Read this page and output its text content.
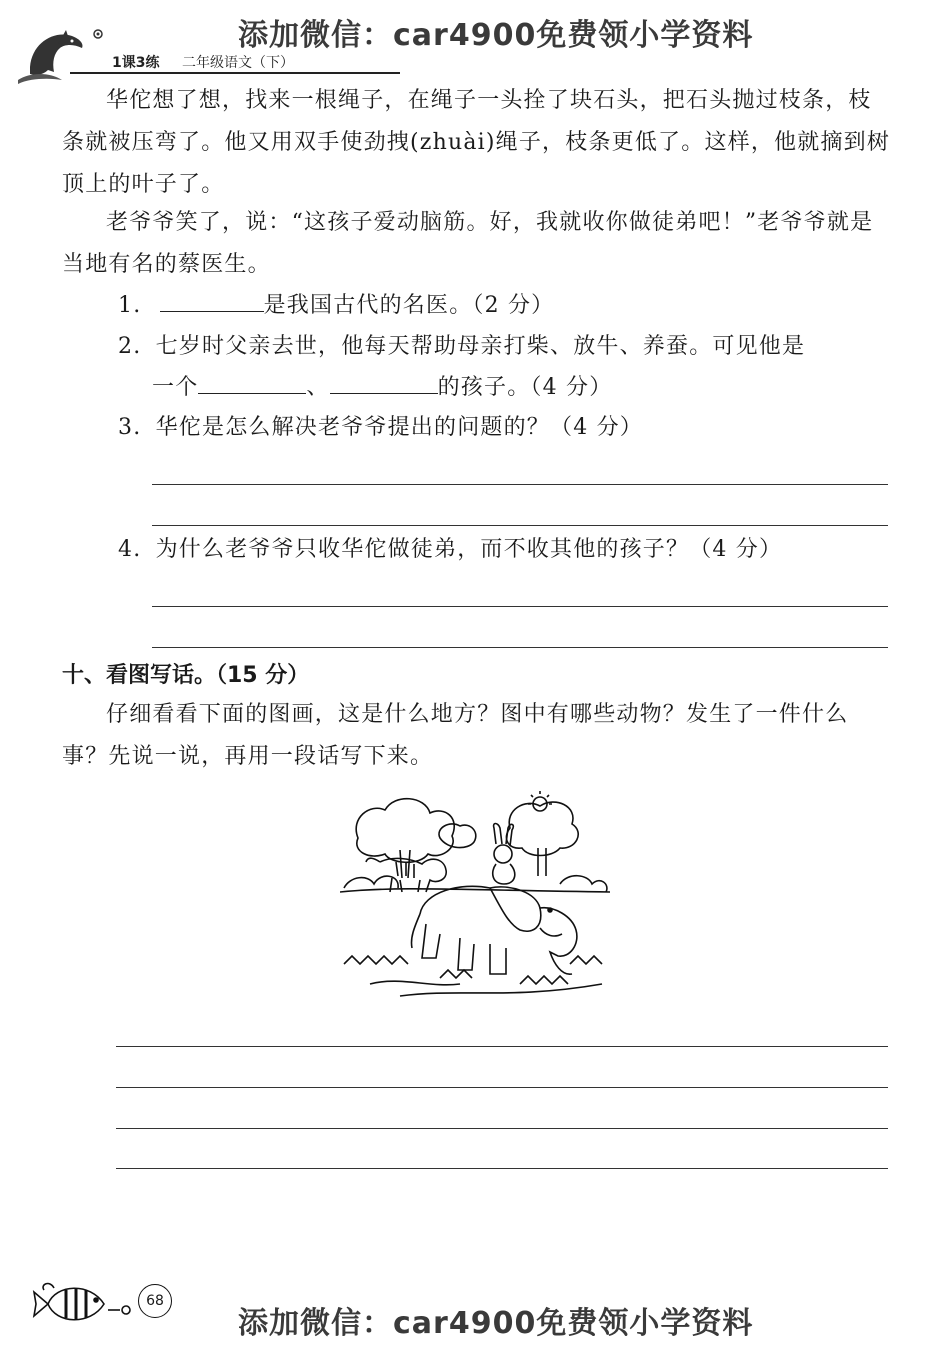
添加微信：car4900免费领小学资料
1课3练 二年级语文（下）
华佗想了想，找来一根绳子，在绳子一头拴了块石头，把石头抛过枝条，枝条就被压弯了。他又用双手使劲拽(zhuài)绳子，枝条更低了。这样，他就摘到树顶上的叶子了。
老爷爷笑了，说：“这孩子爱动脑筋。好，我就收你做徒弟吧！”老爷爷就是当地有名的蔡医生。
1.	是我国古代的名医。（2 分）
2. 七岁时父亲去世，他每天帮助母亲打柴、放牛、养蚕。可见他是
一个	、	的孩子。（4 分）
3. 华佗是怎么解决老爷爷提出的问题的？（4 分）
4. 为什么老爷爷只收华佗做徒弟，而不收其他的孩子？（4 分）
十、看图写话。（15 分）
仔细看看下面的图画，这是什么地方？图中有哪些动物？发生了一件什么事？先说一说，再用一段话写下来。
68
添加微信：car4900免费领小学资料
